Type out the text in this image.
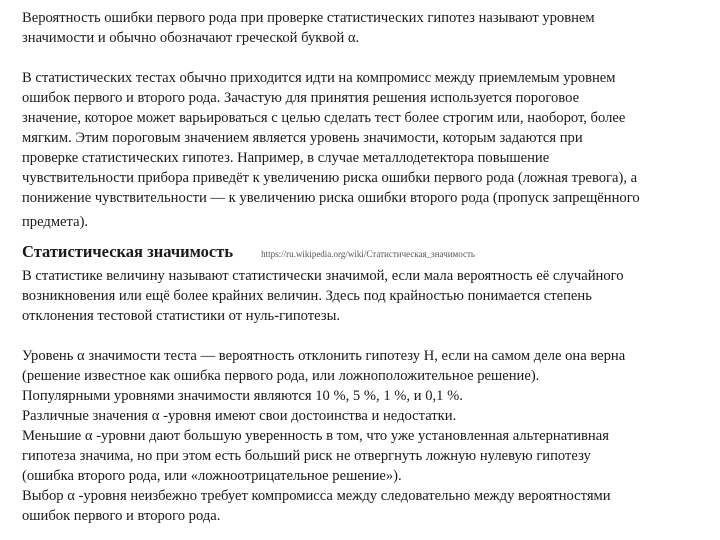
Вероятность ошибки первого рода при проверке статистических гипотез называют уровнем
значимости и обычно обозначают греческой буквой α.

В статистических тестах обычно приходится идти на компромисс между приемлемым уровнем
ошибок первого и второго рода. Зачастую для принятия решения используется пороговое
значение, которое может варьироваться с целью сделать тест более строгим или, наоборот, более
мягким. Этим пороговым значением является уровень значимости, которым задаются при
проверке статистических гипотез. Например, в случае металлодетектора повышение
чувствительности прибора приведёт к увеличению риска ошибки первого рода (ложная тревога), а
понижение чувствительности — к увеличению риска ошибки второго рода (пропуск запрещённого
предмета).

Статистическая значимость	https://ru.wikipedia.org/wiki/Статистическая_значимость

В статистике величину называют статистически значимой, если мала вероятность её случайного
возникновения или ещё более крайних величин. Здесь под крайностью понимается степень
отклонения тестовой статистики от нуль-гипотезы.

Уровень α значимости теста — вероятность отклонить гипотезу H, если на самом деле она верна
(решение известное как ошибка первого рода, или ложноположительное решение).
Популярными уровнями значимости являются 10 %, 5 %, 1 %, и 0,1 %.
Различные значения α -уровня имеют свои достоинства и недостатки.
Меньшие α -уровни дают большую уверенность в том, что уже установленная альтернативная
гипотеза значима, но при этом есть больший риск не отвергнуть ложную нулевую гипотезу
(ошибка второго рода, или «ложноотрицательное решение»).
Выбор α -уровня неизбежно требует компромисса между следовательно между вероятностями
ошибок первого и второго рода.
